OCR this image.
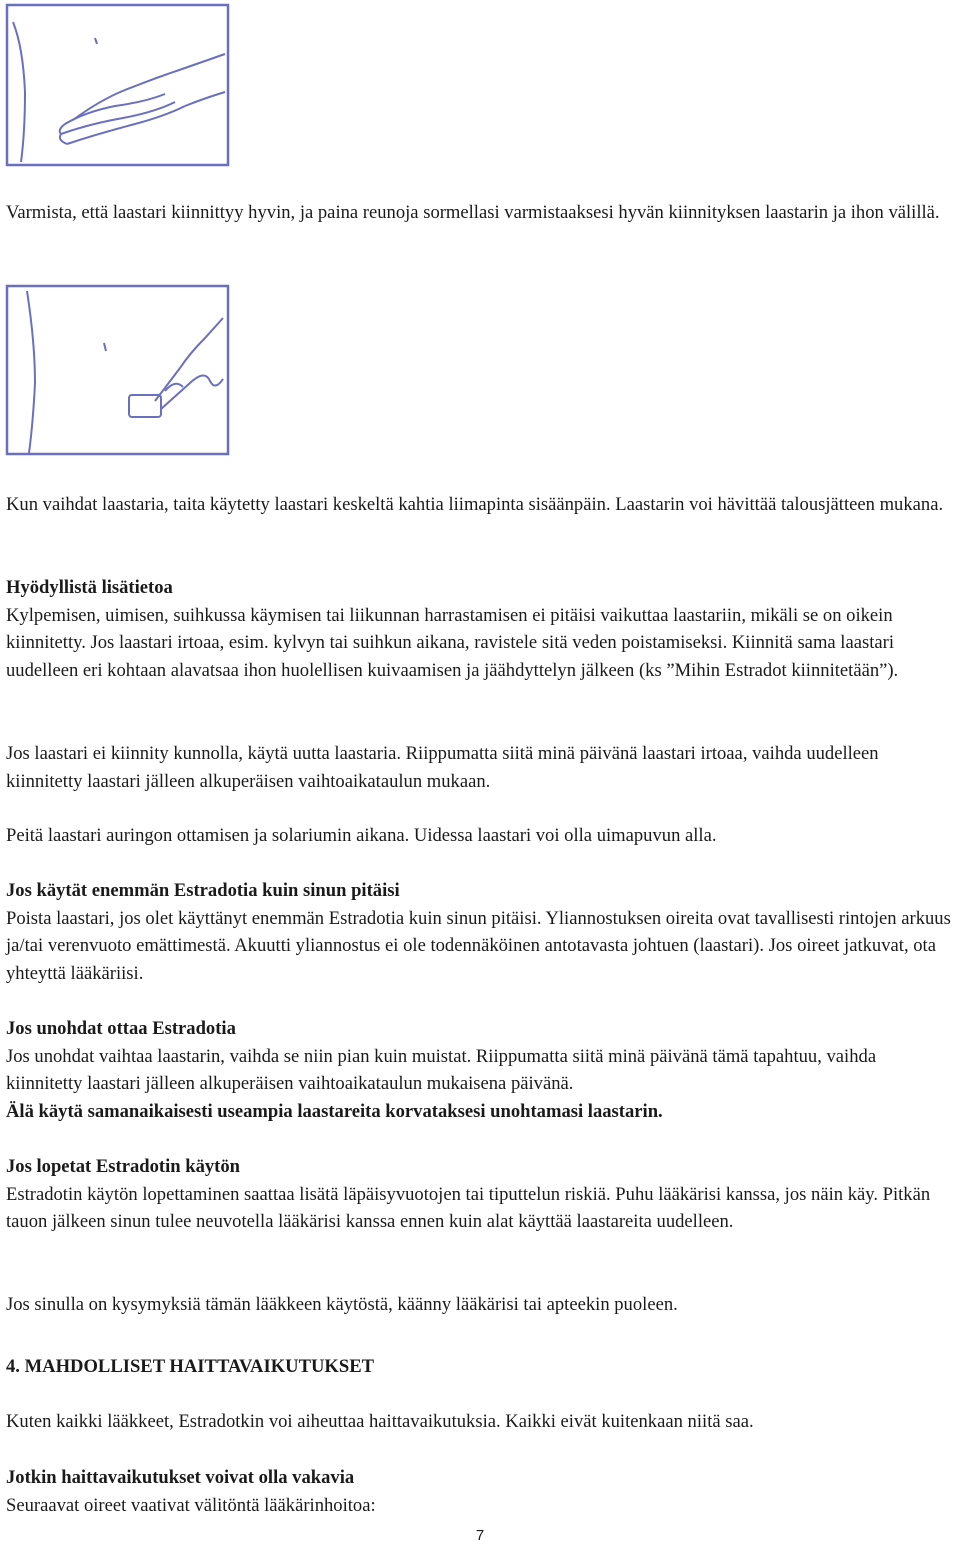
Varmista, että laastari kiinnittyy hyvin, ja paina reunoja sormellasi varmistaaksesi hyvän kiinnityksen laastarin ja ihon välillä.

Kun vaihdat laastaria, taita käytetty laastari keskeltä kahtia liimapinta sisäänpäin. Laastarin voi hävittää talousjätteen mukana.

Hyödyllistä lisätietoa

Kylpemisen, uimisen, suihkussa käymisen tai liikunnan harrastamisen ei pitäisi vaikuttaa laastariin, mikäli se on oikein kiinnitetty. Jos laastari irtoaa, esim. kylvyn tai suihkun aikana, ravistele sitä veden poistamiseksi. Kiinnitä sama laastari uudelleen eri kohtaan alavatsaa ihon huolellisen kuivaamisen ja jäähdyttelyn jälkeen (ks ”Mihin Estradot kiinnitetään”).

Jos laastari ei kiinnity kunnolla, käytä uutta laastaria. Riippumatta siitä minä päivänä laastari irtoaa, vaihda uudelleen kiinnitetty laastari jälleen alkuperäisen vaihtoaikataulun mukaan.

Peitä laastari auringon ottamisen ja solariumin aikana. Uidessa laastari voi olla uimapuvun alla.

Jos käytät enemmän Estradotia kuin sinun pitäisi

Poista laastari, jos olet käyttänyt enemmän Estradotia kuin sinun pitäisi. Yliannostuksen oireita ovat tavallisesti rintojen arkuus ja/tai verenvuoto emättimestä. Akuutti yliannostus ei ole todennäköinen antotavasta johtuen (laastari). Jos oireet jatkuvat, ota yhteyttä lääkäriisi.

Jos unohdat ottaa Estradotia

Jos unohdat vaihtaa laastarin, vaihda se niin pian kuin muistat. Riippumatta siitä minä päivänä tämä tapahtuu, vaihda kiinnitetty laastari jälleen alkuperäisen vaihtoaikataulun mukaisena päivänä.

Älä käytä samanaikaisesti useampia laastareita korvataksesi unohtamasi laastarin.

Jos lopetat Estradotin käytön

Estradotin käytön lopettaminen saattaa lisätä läpäisyvuotojen tai tiputtelun riskiä. Puhu lääkärisi kanssa, jos näin käy. Pitkän tauon jälkeen sinun tulee neuvotella lääkärisi kanssa ennen kuin alat käyttää laastareita uudelleen.

Jos sinulla on kysymyksiä tämän lääkkeen käytöstä, käänny lääkärisi tai apteekin puoleen.

4. MAHDOLLISET HAITTAVAIKUTUKSET

Kuten kaikki lääkkeet, Estradotkin voi aiheuttaa haittavaikutuksia. Kaikki eivät kuitenkaan niitä saa.

Jotkin haittavaikutukset voivat olla vakavia

Seuraavat oireet vaativat välitöntä lääkärinhoitoa:

7
